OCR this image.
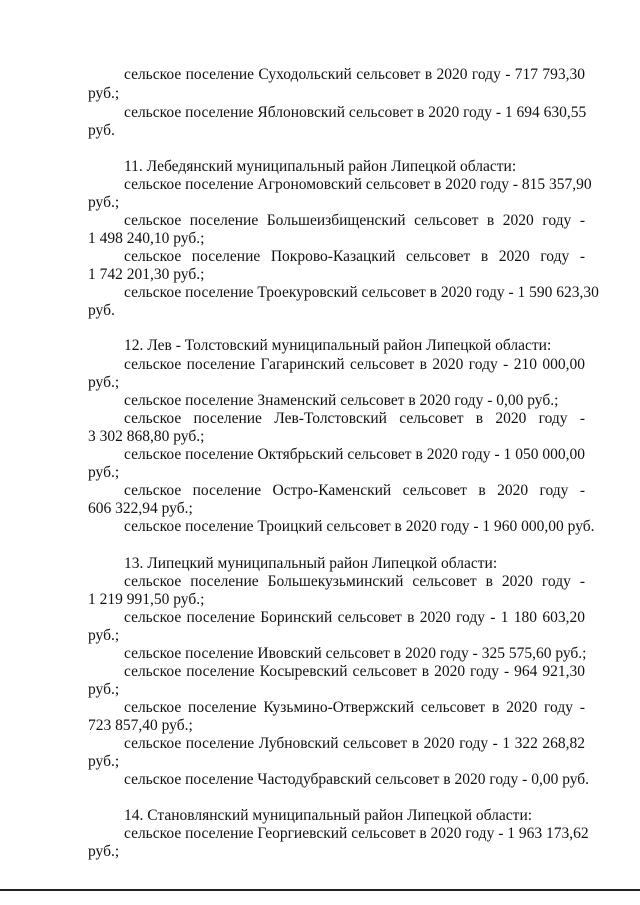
сельское поселение Суходольский сельсовет в 2020 году - 717 793,30
руб.;
сельское поселение Яблоновский сельсовет в 2020 году - 1 694 630,55
руб.
11. Лебедянский муниципальный район Липецкой области:
сельское поселение Агрономовский сельсовет в 2020 году - 815 357,90
руб.;
сельское поселение Большеизбищенский сельсовет в 2020 году -
1 498 240,10 руб.;
сельское поселение Покрово-Казацкий сельсовет в 2020 году -
1 742 201,30 руб.;
сельское поселение Троекуровский сельсовет в 2020 году - 1 590 623,30
руб.
12. Лев - Толстовский муниципальный район Липецкой области:
сельское поселение Гагаринский сельсовет в 2020 году - 210 000,00
руб.;
сельское поселение Знаменский сельсовет в 2020 году - 0,00 руб.;
сельское поселение Лев-Толстовский сельсовет в 2020 году -
3 302 868,80 руб.;
сельское поселение Октябрьский сельсовет в 2020 году - 1 050 000,00
руб.;
сельское поселение Остро-Каменский сельсовет в 2020 году -
606 322,94 руб.;
сельское поселение Троицкий сельсовет в 2020 году - 1 960 000,00 руб.
13. Липецкий муниципальный район Липецкой области:
сельское поселение Большекузьминский сельсовет в 2020 году -
1 219 991,50 руб.;
сельское поселение Боринский сельсовет в 2020 году - 1 180 603,20
руб.;
сельское поселение Ивовский сельсовет в 2020 году - 325 575,60 руб.;
сельское поселение Косыревский сельсовет в 2020 году - 964 921,30
руб.;
сельское поселение Кузьмино-Отвержский сельсовет в 2020 году -
723 857,40 руб.;
сельское поселение Лубновский сельсовет в 2020 году - 1 322 268,82
руб.;
сельское поселение Частодубравский сельсовет в 2020 году - 0,00 руб.
14. Становлянский муниципальный район Липецкой области:
сельское поселение Георгиевский сельсовет в 2020 году - 1 963 173,62
руб.;
